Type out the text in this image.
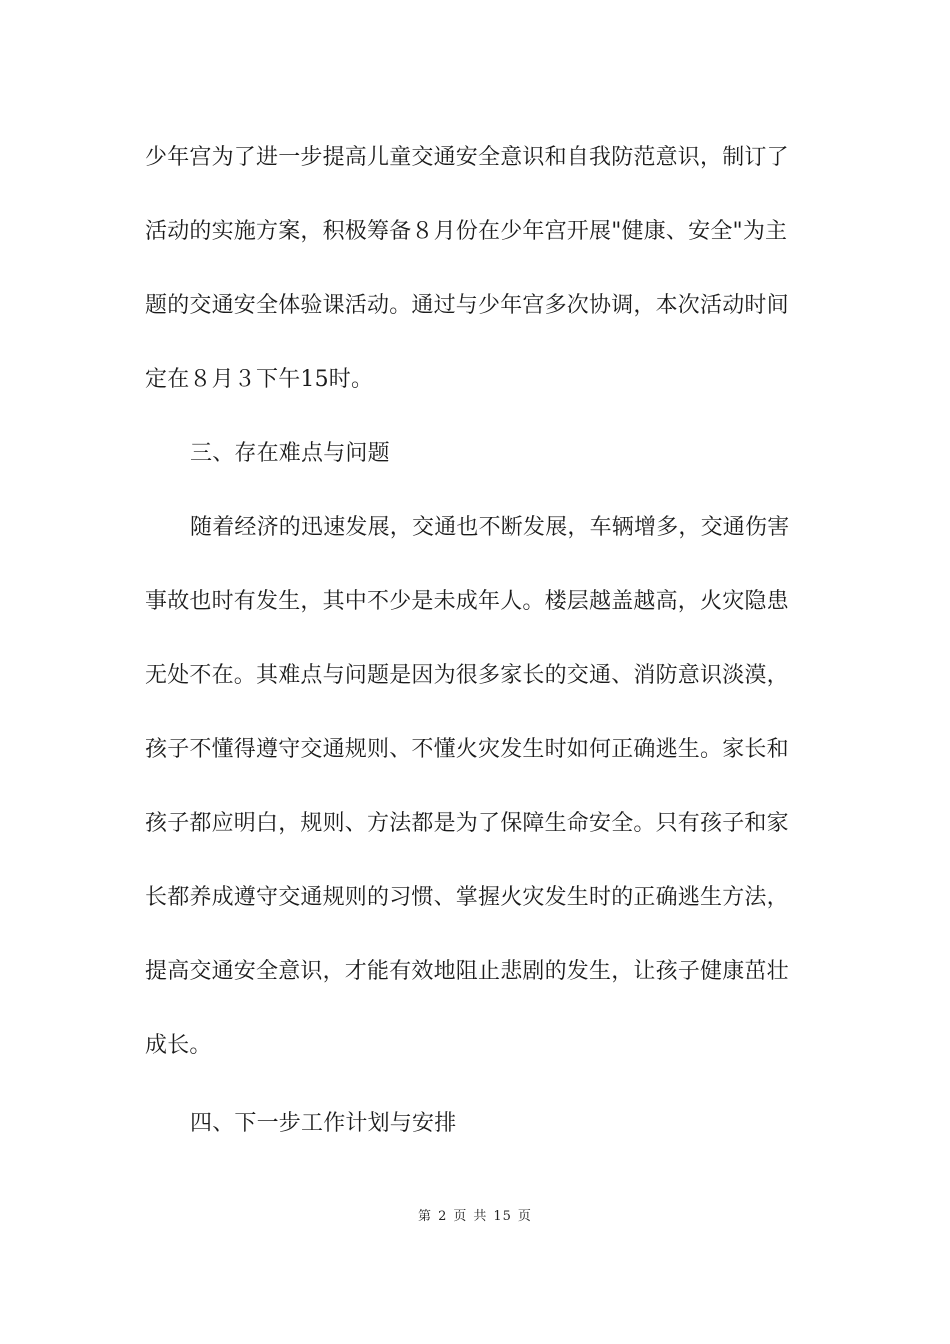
少年宫为了进一步提高儿童交通安全意识和自我防范意识，制订了
活动的实施方案，积极筹备８月份在少年宫开展"健康、安全"为主
题的交通安全体验课活动。通过与少年宫多次协调，本次活动时间
定在８月３下午15时。
三、存在难点与问题
随着经济的迅速发展，交通也不断发展，车辆增多，交通伤害
事故也时有发生，其中不少是未成年人。楼层越盖越高，火灾隐患
无处不在。其难点与问题是因为很多家长的交通、消防意识淡漠，
孩子不懂得遵守交通规则、不懂火灾发生时如何正确逃生。家长和
孩子都应明白，规则、方法都是为了保障生命安全。只有孩子和家
长都养成遵守交通规则的习惯、掌握火灾发生时的正确逃生方法，
提高交通安全意识，才能有效地阻止悲剧的发生，让孩子健康茁壮
成长。
四、下一步工作计划与安排
第 2 页 共 15 页
